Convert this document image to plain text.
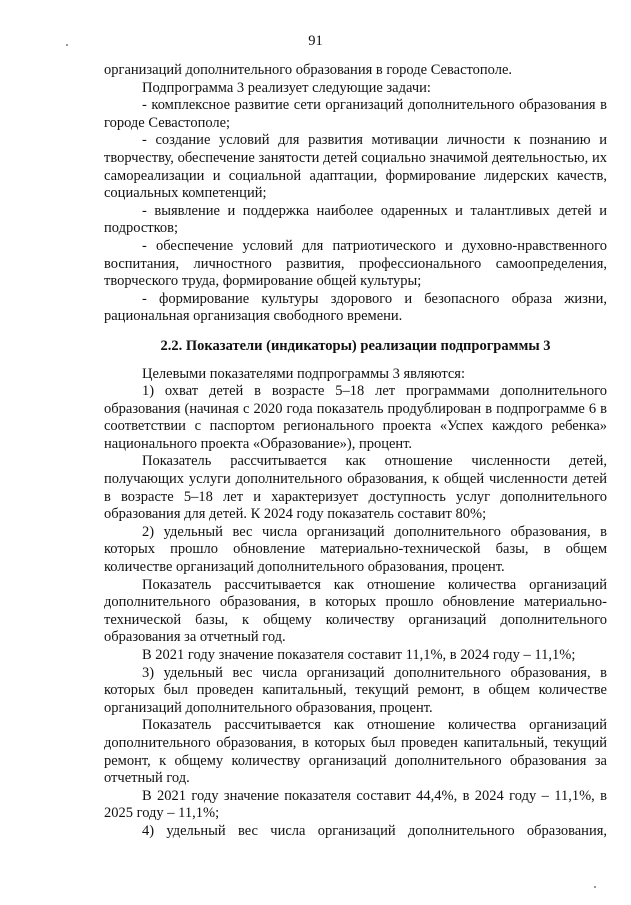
91

организаций дополнительного образования в городе Севастополе.

Подпрограмма 3 реализует следующие задачи:

- комплексное развитие сети организаций дополнительного образования в городе Севастополе;

- создание условий для развития мотивации личности к познанию и творчеству, обеспечение занятости детей социально значимой деятельностью, их самореализации и социальной адаптации, формирование лидерских качеств, социальных компетенций;

- выявление и поддержка наиболее одаренных и талантливых детей и подростков;

- обеспечение условий для патриотического и духовно-нравственного воспитания, личностного развития, профессионального самоопределения, творческого труда, формирование общей культуры;

- формирование культуры здорового и безопасного образа жизни, рациональная организация свободного времени.

2.2. Показатели (индикаторы) реализации подпрограммы 3

Целевыми показателями подпрограммы 3 являются:

1) охват детей в возрасте 5–18 лет программами дополнительного образования (начиная с 2020 года показатель продублирован в подпрограмме 6 в соответствии с паспортом регионального проекта «Успех каждого ребенка» национального проекта «Образование»), процент.

Показатель рассчитывается как отношение численности детей, получающих услуги дополнительного образования, к общей численности детей в возрасте 5–18 лет и характеризует доступность услуг дополнительного образования для детей. К 2024 году показатель составит 80%;

2) удельный вес числа организаций дополнительного образования, в которых прошло обновление материально-технической базы, в общем количестве организаций дополнительного образования, процент.

Показатель рассчитывается как отношение количества организаций дополнительного образования, в которых прошло обновление материально-технической базы, к общему количеству организаций дополнительного образования за отчетный год.

В 2021 году значение показателя составит 11,1%, в 2024 году – 11,1%;

3) удельный вес числа организаций дополнительного образования, в которых был проведен капитальный, текущий ремонт, в общем количестве организаций дополнительного образования, процент.

Показатель рассчитывается как отношение количества организаций дополнительного образования, в которых был проведен капитальный, текущий ремонт, к общему количеству организаций дополнительного образования за отчетный год.

В 2021 году значение показателя составит 44,4%, в 2024 году – 11,1%, в 2025 году – 11,1%;

4) удельный вес числа организаций дополнительного образования,
